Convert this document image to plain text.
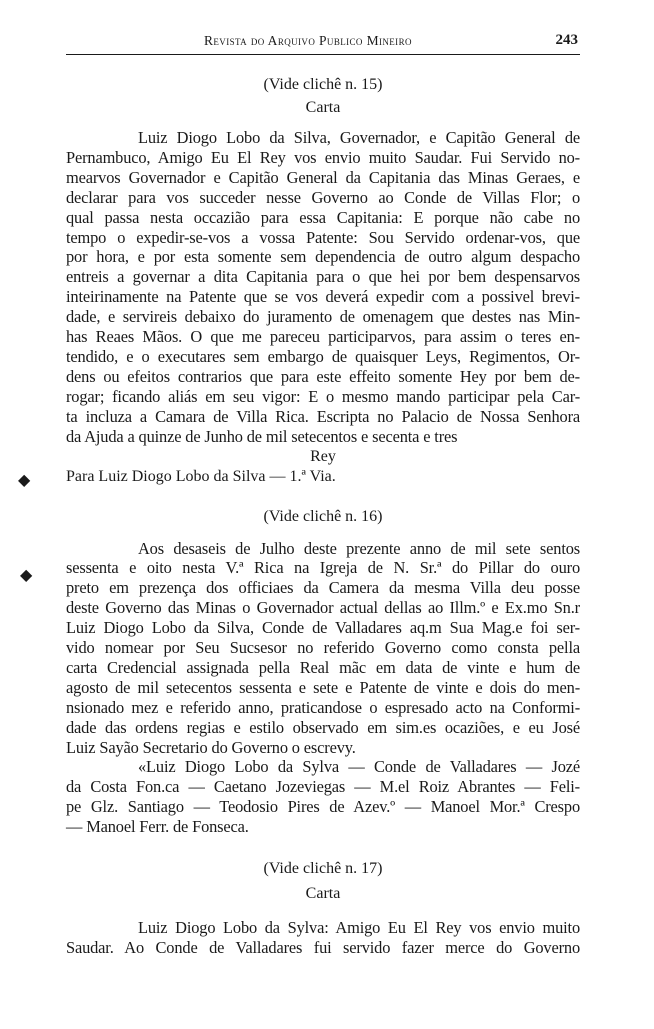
◆
◆
Revista do Arquivo Publico Mineiro	243
(Vide clichê n. 15)
Carta
Luiz Diogo Lobo da Silva, Governador, e Capitão General de
Pernambuco, Amigo Eu El Rey vos envio muito Saudar. Fui Servido no-
mearvos Governador e Capitão General da Capitania das Minas Geraes, e
declarar para vos succeder nesse Governo ao Conde de Villas Flor; o
qual passa nesta occazião para essa Capitania: E porque não cabe no
tempo o expedir-se-vos a vossa Patente: Sou Servido ordenar-vos, que
por hora, e por esta somente sem dependencia de outro algum despacho
entreis a governar a dita Capitania para o que hei por bem despensarvos
inteirinamente na Patente que se vos deverá expedir com a possivel brevi-
dade, e servireis debaixo do juramento de omenagem que destes nas Min-
has Reaes Mãos. O que me pareceu participarvos, para assim o teres en-
tendido, e o executares sem embargo de quaisquer Leys, Regimentos, Or-
dens ou efeitos contrarios que para este effeito somente Hey por bem de-
rogar; ficando aliás em seu vigor: E o mesmo mando participar pela Car-
ta incluza a Camara de Villa Rica. Escripta no Palacio de Nossa Senhora
da Ajuda a quinze de Junho de mil setecentos e secenta e tres
Rey
Para Luiz Diogo Lobo da Silva — 1.ª Via.
(Vide clichê n. 16)
Aos desaseis de Julho deste prezente anno de mil sete sentos
sessenta e oito nesta V.ª Rica na Igreja de N. Sr.ª do Pillar do ouro
preto em prezença dos officiaes da Camera da mesma Villa deu posse
deste Governo das Minas o Governador actual dellas ao Illm.º e Ex.mo Sn.r
Luiz Diogo Lobo da Silva, Conde de Valladares aq.m Sua Mag.e foi ser-
vido nomear por Seu Sucsesor no referido Governo como consta pella
carta Credencial assignada pella Real mãc em data de vinte e hum de
agosto de mil setecentos sessenta e sete e Patente de vinte e dois do men-
nsionado mez e referido anno, praticandose o espresado acto na Conformi-
dade das ordens regias e estilo observado em sim.es ocaziões, e eu José
Luiz Sayão Secretario do Governo o escrevy.
«Luiz Diogo Lobo da Sylva — Conde de Valladares — Jozé
da Costa Fon.ca — Caetano Jozeviegas — M.el Roiz Abrantes — Feli-
pe Glz. Santiago — Teodosio Pires de Azev.º — Manoel Mor.ª Crespo
— Manoel Ferr. de Fonseca.
(Vide clichê n. 17)
Carta
Luiz Diogo Lobo da Sylva: Amigo Eu El Rey vos envio muito
Saudar. Ao Conde de Valladares fui servido fazer merce do Governo
